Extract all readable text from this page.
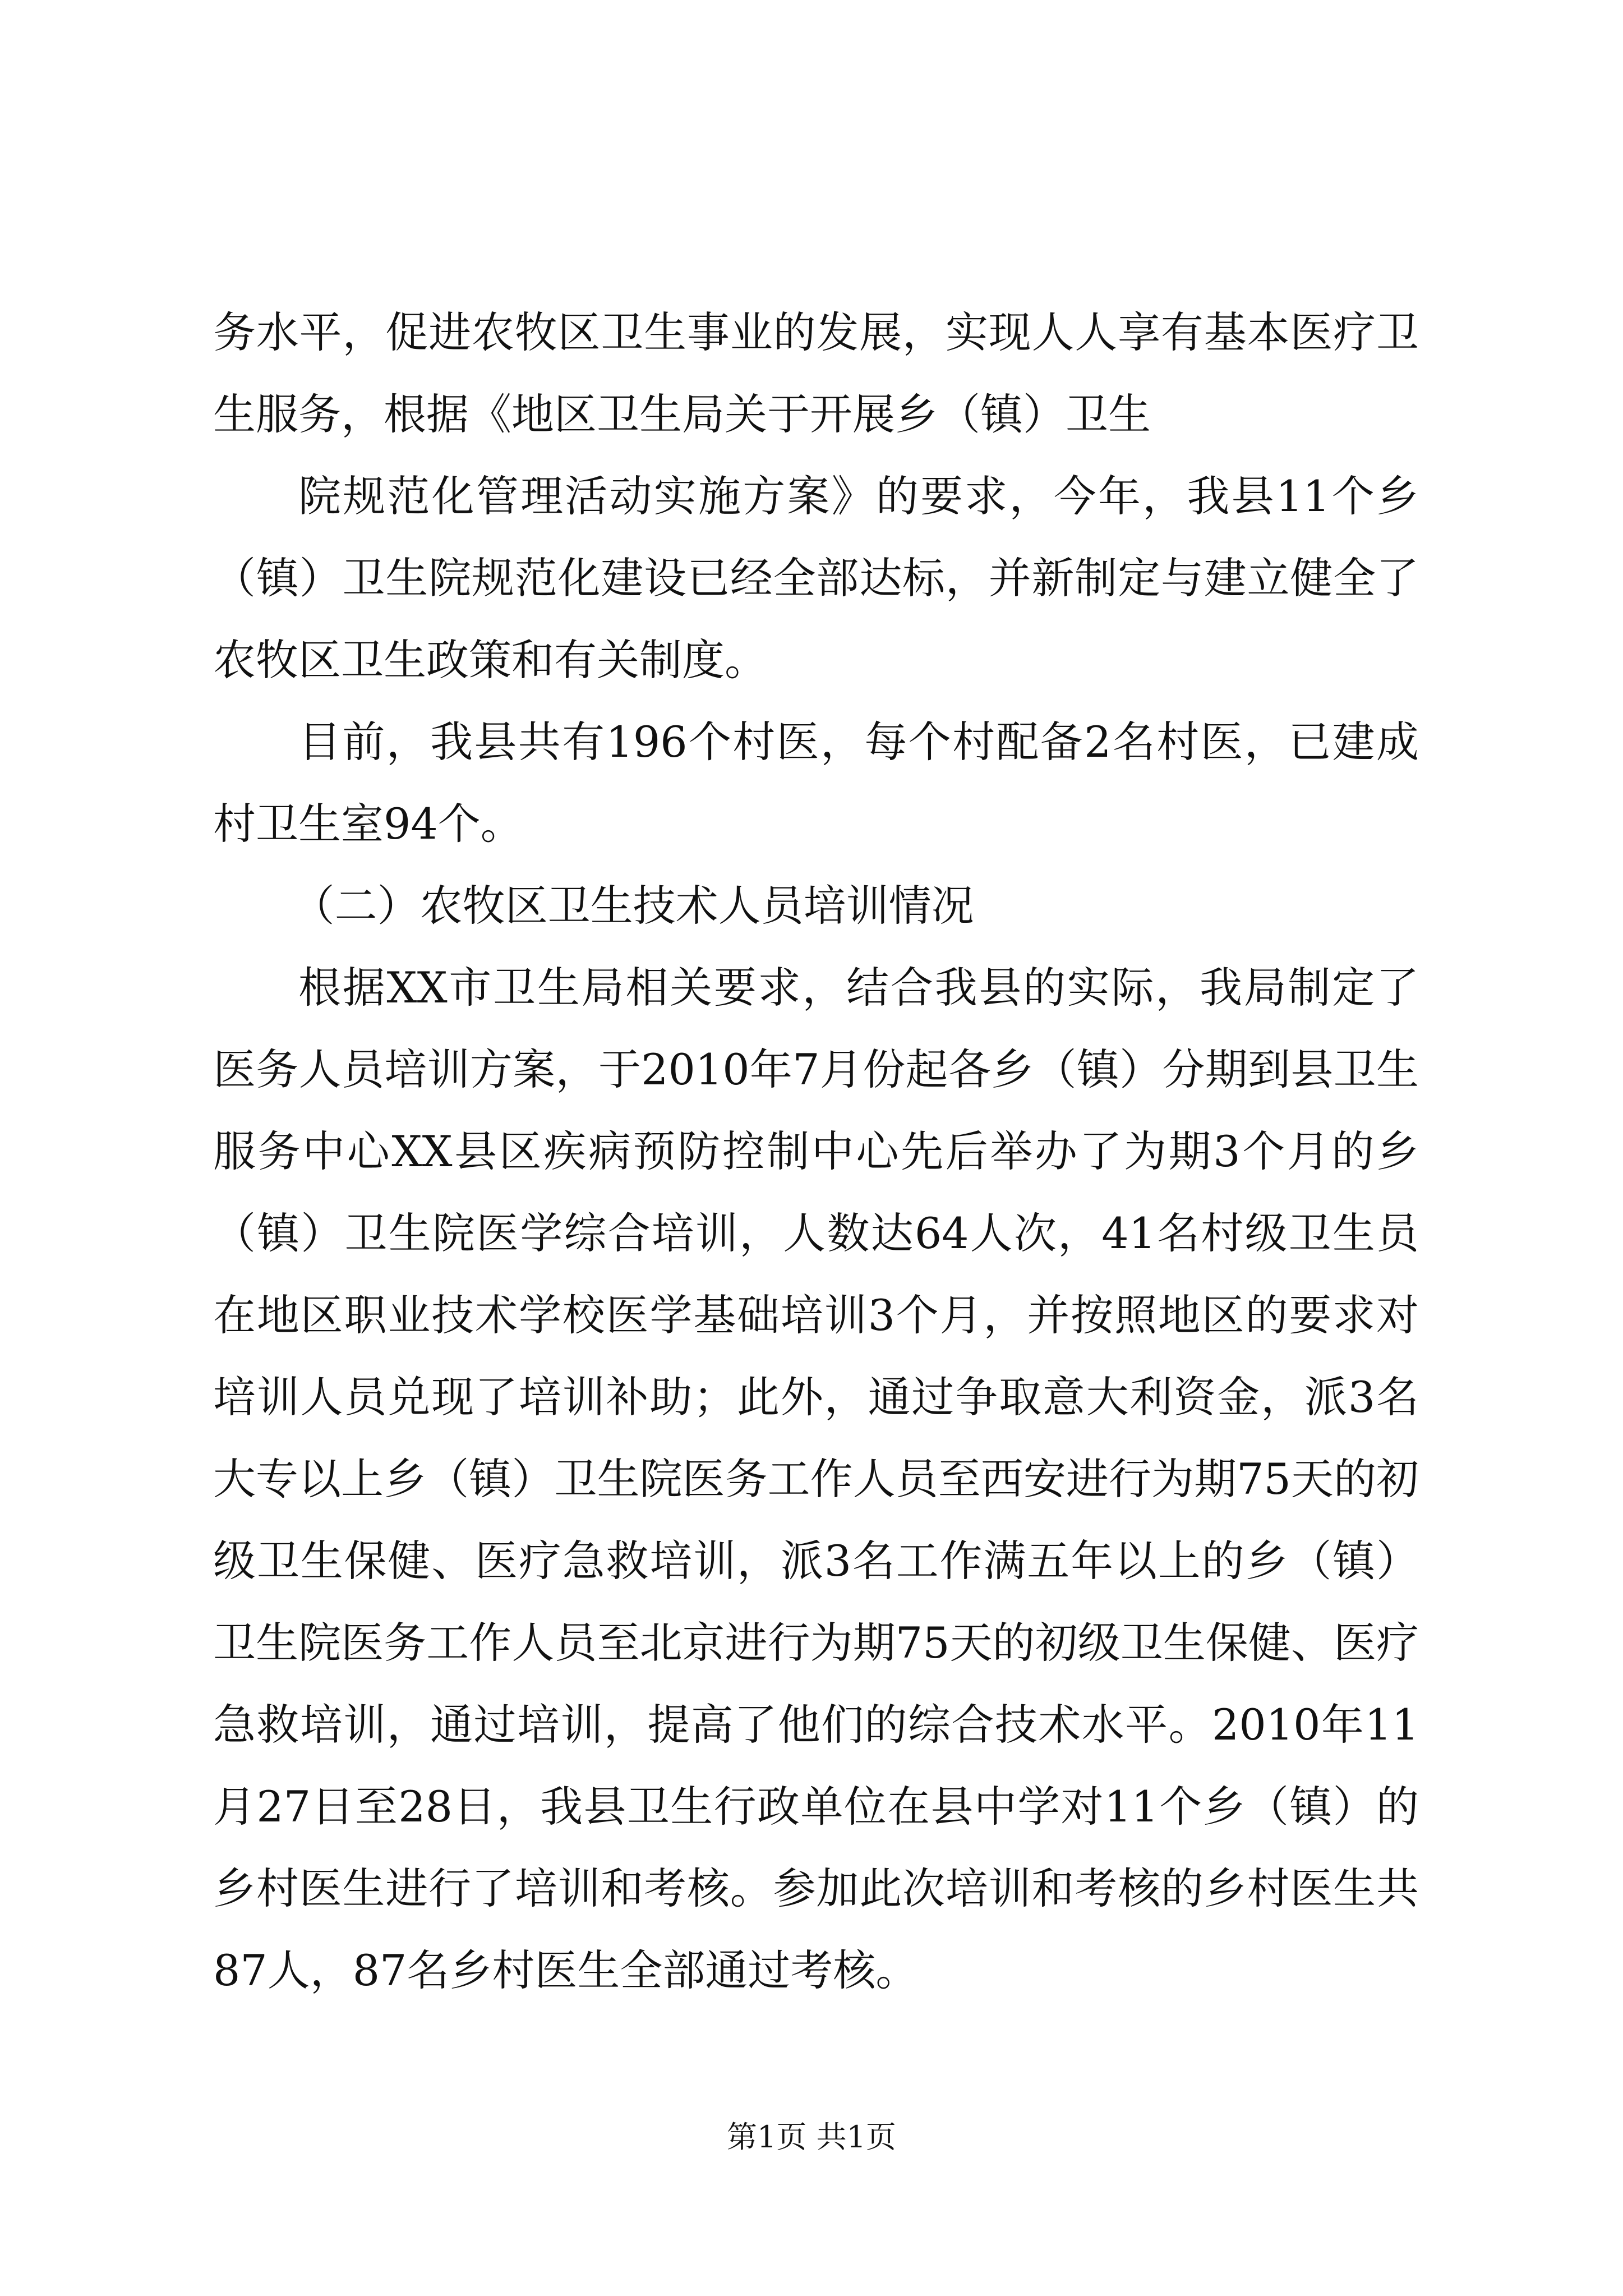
务水平，促进农牧区卫生事业的发展，实现人人享有基本医疗卫生服务，根据《地区卫生局关于开展乡（镇）卫生

院规范化管理活动实施方案》的要求，今年，我县11个乡（镇）卫生院规范化建设已经全部达标，并新制定与建立健全了农牧区卫生政策和有关制度。

目前，我县共有196个村医，每个村配备2名村医，已建成村卫生室94个。

（二）农牧区卫生技术人员培训情况

根据XX市卫生局相关要求，结合我县的实际，我局制定了医务人员培训方案，于2010年7月份起各乡（镇）分期到县卫生服务中心XX县区疾病预防控制中心先后举办了为期3个月的乡（镇）卫生院医学综合培训，人数达64人次，41名村级卫生员在地区职业技术学校医学基础培训3个月，并按照地区的要求对培训人员兑现了培训补助；此外，通过争取意大利资金，派3名大专以上乡（镇）卫生院医务工作人员至西安进行为期75天的初级卫生保健、医疗急救培训，派3名工作满五年以上的乡（镇）卫生院医务工作人员至北京进行为期75天的初级卫生保健、医疗急救培训，通过培训，提高了他们的综合技术水平。2010年11月27日至28日，我县卫生行政单位在县中学对11个乡（镇）的乡村医生进行了培训和考核。参加此次培训和考核的乡村医生共87人，87名乡村医生全部通过考核。

第1页 共1页
